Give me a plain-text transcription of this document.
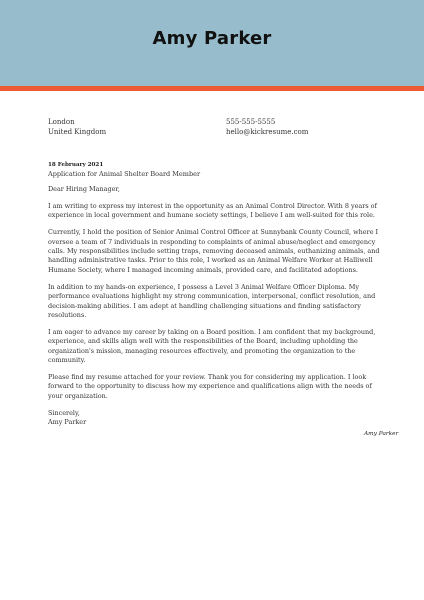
Amy Parker
London
United Kingdom
555-555-5555
hello@kickresume.com
18 February 2021
Application for Animal Shelter Board Member

Dear Hiring Manager,

I am writing to express my interest in the opportunity as an Animal Control Director. With 8 years of experience in local government and humane society settings, I believe I am well-suited for this role.

Currently, I hold the position of Senior Animal Control Officer at Sunnybank County Council, where I oversee a team of 7 individuals in responding to complaints of animal abuse/neglect and emergency calls. My responsibilities include setting traps, removing deceased animals, euthanizing animals, and handling administrative tasks. Prior to this role, I worked as an Animal Welfare Worker at Halliwell Humane Society, where I managed incoming animals, provided care, and facilitated adoptions.

In addition to my hands-on experience, I possess a Level 3 Animal Welfare Officer Diploma. My performance evaluations highlight my strong communication, interpersonal, conflict resolution, and decision-making abilities. I am adept at handling challenging situations and finding satisfactory resolutions.

I am eager to advance my career by taking on a Board position. I am confident that my background, experience, and skills align well with the responsibilities of the Board, including upholding the organization's mission, managing resources effectively, and promoting the organization to the community.

Please find my resume attached for your review. Thank you for considering my application. I look forward to the opportunity to discuss how my experience and qualifications align with the needs of your organization.

Sincerely,
Amy Parker

Amy Parker
